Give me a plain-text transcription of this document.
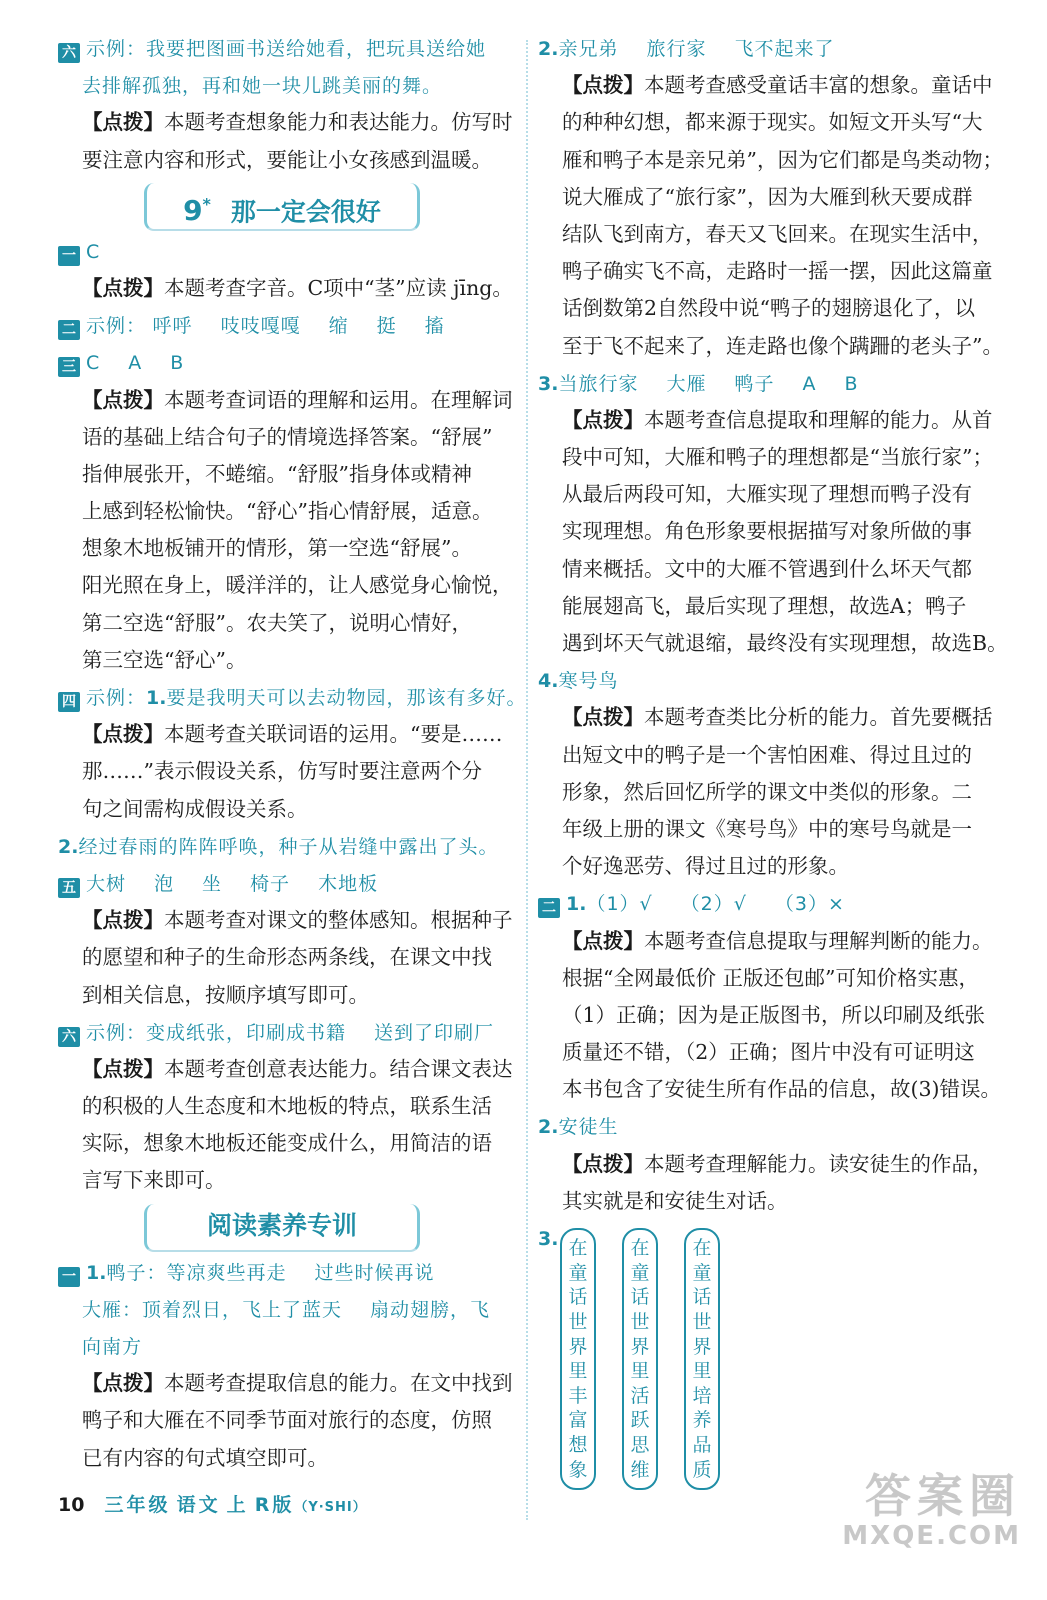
六 示例：我要把图画书送给她看，把玩具送给她
去排解孤独，再和她一块儿跳美丽的舞。
【点拨】本题考查想象能力和表达能力。仿写时
要注意内容和形式，要能让小女孩感到温暖。
9* 那一定会很好
一 C
【点拨】本题考查字音。C项中“茎”应读 jīng。
二 示例： 呼呼 吱吱嘎嘎 缩 挺 搐
三 C A B
【点拨】本题考查词语的理解和运用。在理解词
语的基础上结合句子的情境选择答案。“舒展”
指伸展张开，不蜷缩。“舒服”指身体或精神
上感到轻松愉快。“舒心”指心情舒展，适意。
想象木地板铺开的情形，第一空选“舒展”。
阳光照在身上，暖洋洋的，让人感觉身心愉悦，
第二空选“舒服”。农夫笑了，说明心情好，
第三空选“舒心”。
四 示例：1.要是我明天可以去动物园，那该有多好。
【点拨】本题考查关联词语的运用。“要是……
那……”表示假设关系，仿写时要注意两个分
句之间需构成假设关系。
2.经过春雨的阵阵呼唤，种子从岩缝中露出了头。
五 大树 泡 坐 椅子 木地板
【点拨】本题考查对课文的整体感知。根据种子
的愿望和种子的生命形态两条线，在课文中找
到相关信息，按顺序填写即可。
六 示例：变成纸张，印刷成书籍 送到了印刷厂
【点拨】本题考查创意表达能力。结合课文表达
的积极的人生态度和木地板的特点，联系生活
实际，想象木地板还能变成什么，用简洁的语
言写下来即可。
阅读素养专训
一 1.鸭子：等凉爽些再走 过些时候再说
大雁：顶着烈日，飞上了蓝天 扇动翅膀，飞
向南方
【点拨】本题考查提取信息的能力。在文中找到
鸭子和大雁在不同季节面对旅行的态度，仿照
已有内容的句式填空即可。
2.亲兄弟 旅行家 飞不起来了
【点拨】本题考查感受童话丰富的想象。童话中
的种种幻想，都来源于现实。如短文开头写“大
雁和鸭子本是亲兄弟”，因为它们都是鸟类动物；
说大雁成了“旅行家”，因为大雁到秋天要成群
结队飞到南方，春天又飞回来。在现实生活中，
鸭子确实飞不高，走路时一摇一摆，因此这篇童
话倒数第2自然段中说“鸭子的翅膀退化了，以
至于飞不起来了，连走路也像个蹒跚的老头子”。
3.当旅行家 大雁 鸭子 A B
【点拨】本题考查信息提取和理解的能力。从首
段中可知，大雁和鸭子的理想都是“当旅行家”；
从最后两段可知，大雁实现了理想而鸭子没有
实现理想。角色形象要根据描写对象所做的事
情来概括。文中的大雁不管遇到什么坏天气都
能展翅高飞，最后实现了理想，故选A；鸭子
遇到坏天气就退缩，最终没有实现理想，故选B。
4.寒号鸟
【点拨】本题考查类比分析的能力。首先要概括
出短文中的鸭子是一个害怕困难、得过且过的
形象，然后回忆所学的课文中类似的形象。二
年级上册的课文《寒号鸟》中的寒号鸟就是一
个好逸恶劳、得过且过的形象。
二 1.（1）√ （2）√ （3）×
【点拨】本题考查信息提取与理解判断的能力。
根据“全网最低价 正版还包邮”可知价格实惠，
（1）正确；因为是正版图书，所以印刷及纸张
质量还不错，（2）正确；图片中没有可证明这
本书包含了安徒生所有作品的信息，故(3)错误。
2.安徒生
【点拨】本题考查理解能力。读安徒生的作品，
其实就是和安徒生对话。
3. 在
童
话
世
界
里
丰
富
想
象
在
童
话
世
界
里
活
跃
思
维
在
童
话
世
界
里
培
养
品
质
10 三年级 语文 上 R版（Y·SHI）	答案圈
MXQE.COM
